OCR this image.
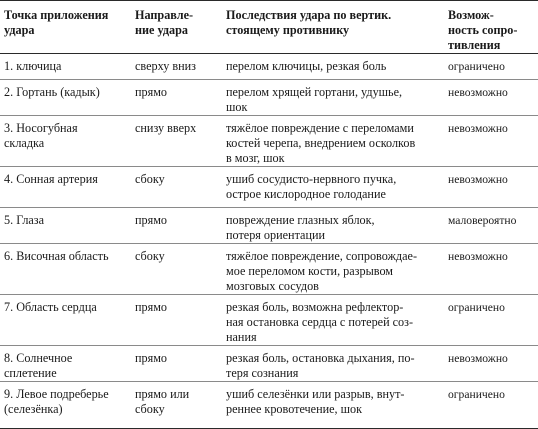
Точка приложения
удара	Направле-
ние удара	Последствия удара по вертик.
стоящему противнику	Возмож-
ность сопро-
тивления

1. ключица	сверху вниз	перелом ключицы, резкая боль	ограничено

2. Гортань (кадык)	прямо	перелом хрящей гортани, удушье,
шок	невозможно

3. Носогубная
складка	снизу вверх	тяжёлое повреждение с переломами
костей черепа, внедрением осколков
в мозг, шок	невозможно

4. Сонная артерия	сбоку	ушиб сосудисто-нервного пучка,
острое кислородное голодание	невозможно

5. Глаза	прямо	повреждение глазных яблок,
потеря ориентации	маловероятно

6. Височная область	сбоку	тяжёлое повреждение, сопровождае-
мое переломом кости, разрывом
мозговых сосудов	невозможно

7. Область сердца	прямо	резкая боль, возможна рефлектор-
ная остановка сердца с потерей соз-
нания	ограничено

8. Солнечное
сплетение	прямо	резкая боль, остановка дыхания, по-
теря сознания	невозможно

9. Левое подреберье
(селезёнка)	прямо или
сбоку	ушиб селезёнки или разрыв, внут-
реннее кровотечение, шок	ограничено
